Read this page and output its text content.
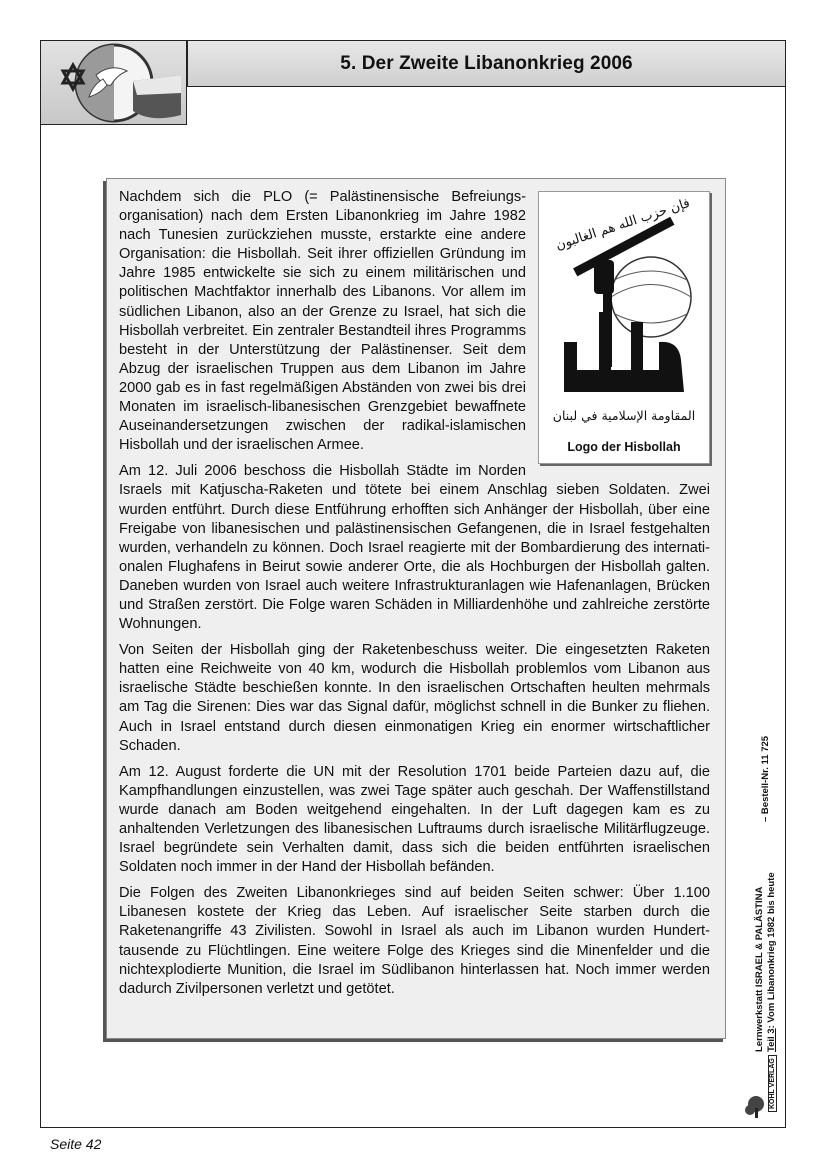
5. Der Zweite Libanonkrieg 2006
فإن حزب الله هم الغالبون
المقاومة الإسلامية في لبنان
Logo der Hisbollah

Nachdem sich die PLO (= Palästinensische Befreiungsorganisation) nach dem Ersten Libanonkrieg im Jahre 1982 nach Tunesien zurückziehen musste, erstarkte eine andere Organisation: die Hisbollah. Seit ihrer offiziellen Gründung im Jahre 1985 entwickelte sie sich zu einem militärischen und politischen Machtfaktor innerhalb des Libanons. Vor allem im südlichen Libanon, also an der Grenze zu Israel, hat sich die Hisbollah verbreitet. Ein zentraler Bestandteil ihres Programms besteht in der Unterstützung der Palästinenser. Seit dem Abzug der israelischen Truppen aus dem Libanon im Jahre 2000 gab es in fast regelmäßigen Abständen von zwei bis drei Monaten im israelisch-libanesischen Grenzgebiet bewaffnete Auseinandersetzungen zwischen der radikal-islamischen Hisbollah und der israelischen Armee.

Am 12. Juli 2006 beschoss die Hisbollah Städte im Norden Israels mit Katjuscha-Raketen und tötete bei einem Anschlag sieben Soldaten. Zwei wurden entführt. Durch diese Entführung erhofften sich Anhänger der Hisbollah, über eine Freigabe von libanesischen und palästinensischen Gefangenen, die in Israel festgehalten wurden, verhandeln zu können. Doch Israel reagierte mit der Bombardierung des internationalen Flughafens in Beirut sowie anderer Orte, die als Hochburgen der Hisbollah galten. Daneben wurden von Israel auch weitere Infrastrukturanlagen wie Hafenanlagen, Brücken und Straßen zerstört. Die Folge waren Schäden in Milliardenhöhe und zahlreiche zerstörte Wohnungen.

Von Seiten der Hisbollah ging der Raketenbeschuss weiter. Die eingesetzten Raketen hatten eine Reichweite von 40 km, wodurch die Hisbollah problemlos vom Libanon aus israelische Städte beschießen konnte. In den israelischen Ortschaften heulten mehrmals am Tag die Sirenen: Dies war das Signal dafür, möglichst schnell in die Bunker zu fliehen. Auch in Israel entstand durch diesen einmonatigen Krieg ein enormer wirtschaftlicher Schaden.

Am 12. August forderte die UN mit der Resolution 1701 beide Parteien dazu auf, die Kampfhandlungen einzustellen, was zwei Tage später auch geschah. Der Waffenstillstand wurde danach am Boden weitgehend eingehalten. In der Luft dagegen kam es zu anhaltenden Verletzungen des libanesischen Luftraums durch israelische Militärflugzeuge. Israel begründete sein Verhalten damit, dass sich die beiden entführten israelischen Soldaten noch immer in der Hand der Hisbollah befänden.

Die Folgen des Zweiten Libanonkrieges sind auf beiden Seiten schwer: Über 1.100 Libanesen kostete der Krieg das Leben. Auf israelischer Seite starben durch die Raketenangriffe 43 Zivilisten. Sowohl in Israel als auch im Libanon wurden Hunderttausende zu Flüchtlingen. Eine weitere Folge des Krieges sind die Minenfelder und die nichtexplodierte Munition, die Israel im Südlibanon hinterlassen hat. Noch immer werden dadurch Zivilpersonen verletzt und getötet.	Lernwerkstatt ISRAEL & PALÄSTINA Teil 3: Vom Libanonkrieg 1982 bis heute
– Bestell-Nr. 11 725
KOHL VERLAG
Seite 42
